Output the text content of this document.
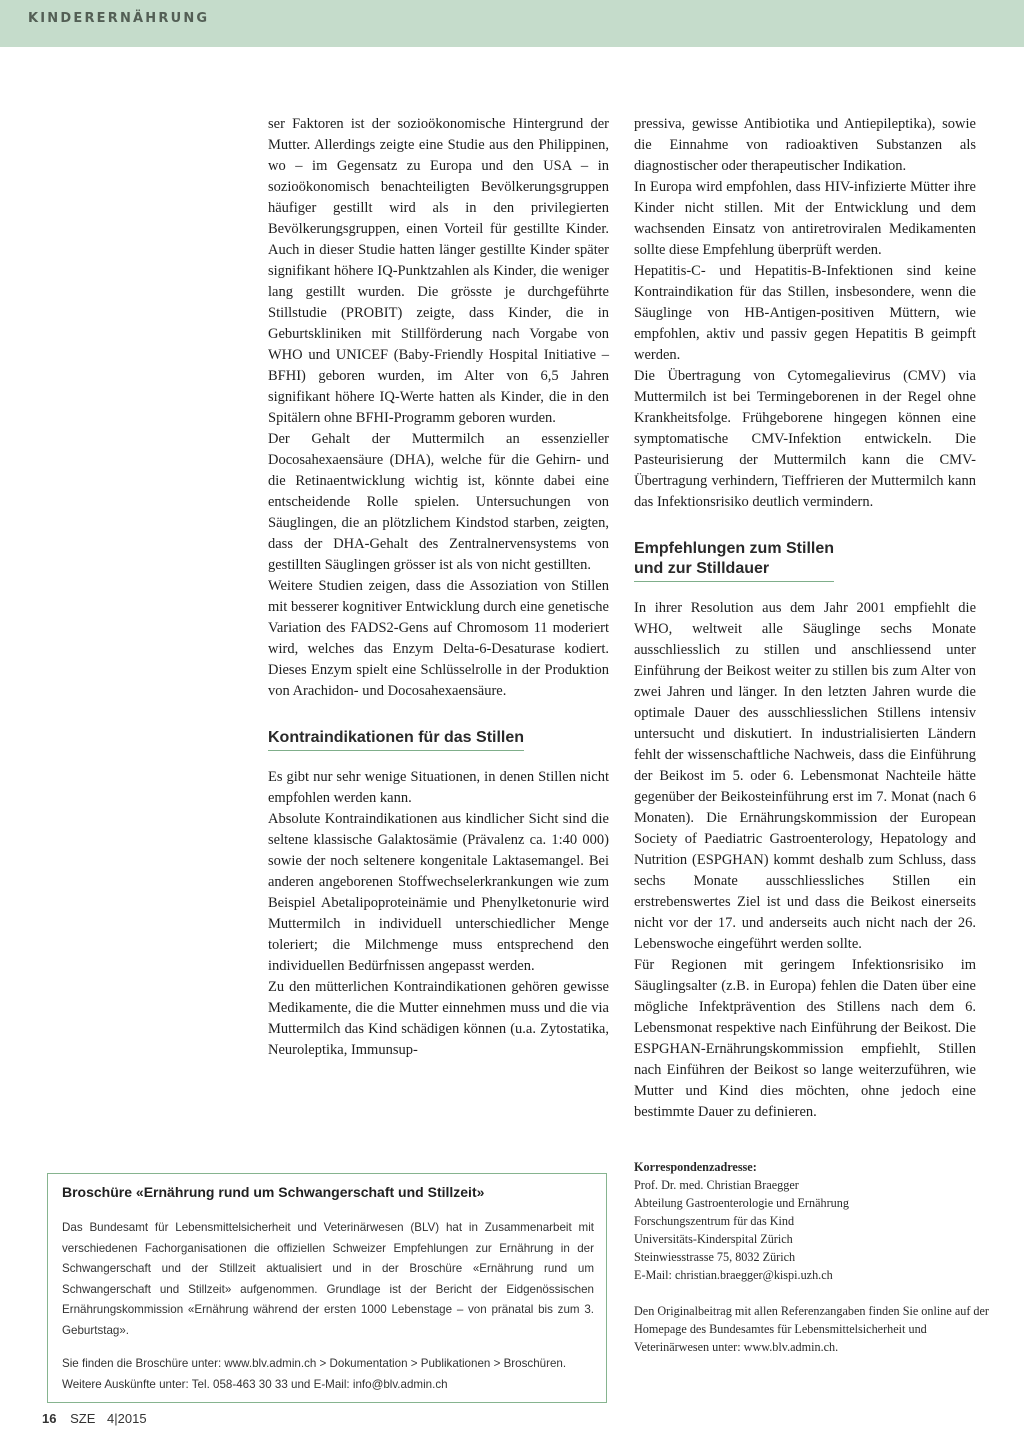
KINDERERNÄHRUNG

ser Faktoren ist der sozioökonomische Hintergrund der Mutter. Allerdings zeigte eine Studie aus den Philippinen, wo – im Gegensatz zu Europa und den USA – in sozioökonomisch benachteiligten Bevölkerungsgruppen häufiger gestillt wird als in den privilegierten Bevölkerungsgruppen, einen Vorteil für gestillte Kinder. Auch in dieser Studie hatten länger gestillte Kinder später signifikant höhere IQ-Punktzahlen als Kinder, die weniger lang gestillt wurden. Die grösste je durchgeführte Stillstudie (PROBIT) zeigte, dass Kinder, die in Geburtskliniken mit Stillförderung nach Vorgabe von WHO und UNICEF (Baby-Friendly Hospital Initiative – BFHI) geboren wurden, im Alter von 6,5 Jahren signifikant höhere IQ-Werte hatten als Kinder, die in den Spitälern ohne BFHI-Programm geboren wurden.

Der Gehalt der Muttermilch an essenzieller Docosahexaensäure (DHA), welche für die Gehirn- und die Retinaentwicklung wichtig ist, könnte dabei eine entscheidende Rolle spielen. Untersuchungen von Säuglingen, die an plötzlichem Kindstod starben, zeigten, dass der DHA-Gehalt des Zentralnervensystems von gestillten Säuglingen grösser ist als von nicht gestillten.

Weitere Studien zeigen, dass die Assoziation von Stillen mit besserer kognitiver Entwicklung durch eine genetische Variation des FADS2-Gens auf Chromosom 11 moderiert wird, welches das Enzym Delta-6-Desaturase kodiert. Dieses Enzym spielt eine Schlüsselrolle in der Produktion von Arachidon- und Docosahexaensäure.

Kontraindikationen für das Stillen

Es gibt nur sehr wenige Situationen, in denen Stillen nicht empfohlen werden kann.

Absolute Kontraindikationen aus kindlicher Sicht sind die seltene klassische Galaktosämie (Prävalenz ca. 1:40 000) sowie der noch seltenere kongenitale Laktasemangel. Bei anderen angeborenen Stoffwechselerkrankungen wie zum Beispiel Abetalipoproteinämie und Phenylketonurie wird Muttermilch in individuell unterschiedlicher Menge toleriert; die Milchmenge muss entsprechend den individuellen Bedürfnissen angepasst werden.

Zu den mütterlichen Kontraindikationen gehören gewisse Medikamente, die die Mutter einnehmen muss und die via Muttermilch das Kind schädigen können (u.a. Zytostatika, Neuroleptika, Immunsup-

pressiva, gewisse Antibiotika und Antiepileptika), sowie die Einnahme von radioaktiven Substanzen als diagnostischer oder therapeutischer Indikation.

In Europa wird empfohlen, dass HIV-infizierte Mütter ihre Kinder nicht stillen. Mit der Entwicklung und dem wachsenden Einsatz von antiretroviralen Medikamenten sollte diese Empfehlung überprüft werden.

Hepatitis-C- und Hepatitis-B-Infektionen sind keine Kontraindikation für das Stillen, insbesondere, wenn die Säuglinge von HB-Antigen-positiven Müttern, wie empfohlen, aktiv und passiv gegen Hepatitis B geimpft werden.

Die Übertragung von Cytomegalievirus (CMV) via Muttermilch ist bei Termingeborenen in der Regel ohne Krankheitsfolge. Frühgeborene hingegen können eine symptomatische CMV-Infektion entwickeln. Die Pasteurisierung der Muttermilch kann die CMV-Übertragung verhindern, Tieffrieren der Muttermilch kann das Infektionsrisiko deutlich vermindern.

Empfehlungen zum Stillen
und zur Stilldauer

In ihrer Resolution aus dem Jahr 2001 empfiehlt die WHO, weltweit alle Säuglinge sechs Monate ausschliesslich zu stillen und anschliessend unter Einführung der Beikost weiter zu stillen bis zum Alter von zwei Jahren und länger. In den letzten Jahren wurde die optimale Dauer des ausschliesslichen Stillens intensiv untersucht und diskutiert. In industrialisierten Ländern fehlt der wissenschaftliche Nachweis, dass die Einführung der Beikost im 5. oder 6. Lebensmonat Nachteile hätte gegenüber der Beikosteinführung erst im 7. Monat (nach 6 Monaten). Die Ernährungskommission der European Society of Paediatric Gastroenterology, Hepatology and Nutrition (ESPGHAN) kommt deshalb zum Schluss, dass sechs Monate ausschliessliches Stillen ein erstrebenswertes Ziel ist und dass die Beikost einerseits nicht vor der 17. und anderseits auch nicht nach der 26. Lebenswoche eingeführt werden sollte.

Für Regionen mit geringem Infektionsrisiko im Säuglingsalter (z.B. in Europa) fehlen die Daten über eine mögliche Infektprävention des Stillens nach dem 6. Lebensmonat respektive nach Einführung der Beikost. Die ESPGHAN-Ernährungskommission empfiehlt, Stillen nach Einführen der Beikost so lange weiterzuführen, wie Mutter und Kind dies möchten, ohne jedoch eine bestimmte Dauer zu definieren.

Broschüre «Ernährung rund um Schwangerschaft und Stillzeit»

Das Bundesamt für Lebensmittelsicherheit und Veterinärwesen (BLV) hat in Zusammenarbeit mit verschiedenen Fachorganisationen die offiziellen Schweizer Empfehlungen zur Ernährung in der Schwangerschaft und der Stillzeit aktualisiert und in der Broschüre «Ernährung rund um Schwangerschaft und Stillzeit» aufgenommen. Grundlage ist der Bericht der Eidgenössischen Ernährungskommission «Ernährung während der ersten 1000 Lebenstage – von pränatal bis zum 3. Geburtstag».

Sie finden die Broschüre unter: www.blv.admin.ch > Dokumentation > Publikationen > Broschüren.

Weitere Auskünfte unter: Tel. 058-463 30 33 und E-Mail: info@blv.admin.ch

Korrespondenzadresse:
Prof. Dr. med. Christian Braegger
Abteilung Gastroenterologie und Ernährung
Forschungszentrum für das Kind
Universitäts-Kinderspital Zürich
Steinwiesstrasse 75, 8032 Zürich
E-Mail: christian.braegger@kispi.uzh.ch
Den Originalbeitrag mit allen Referenzangaben finden Sie online auf der Homepage des Bundesamtes für Lebensmittelsicherheit und Veterinärwesen unter: www.blv.admin.ch.
16 SZE 4|2015
